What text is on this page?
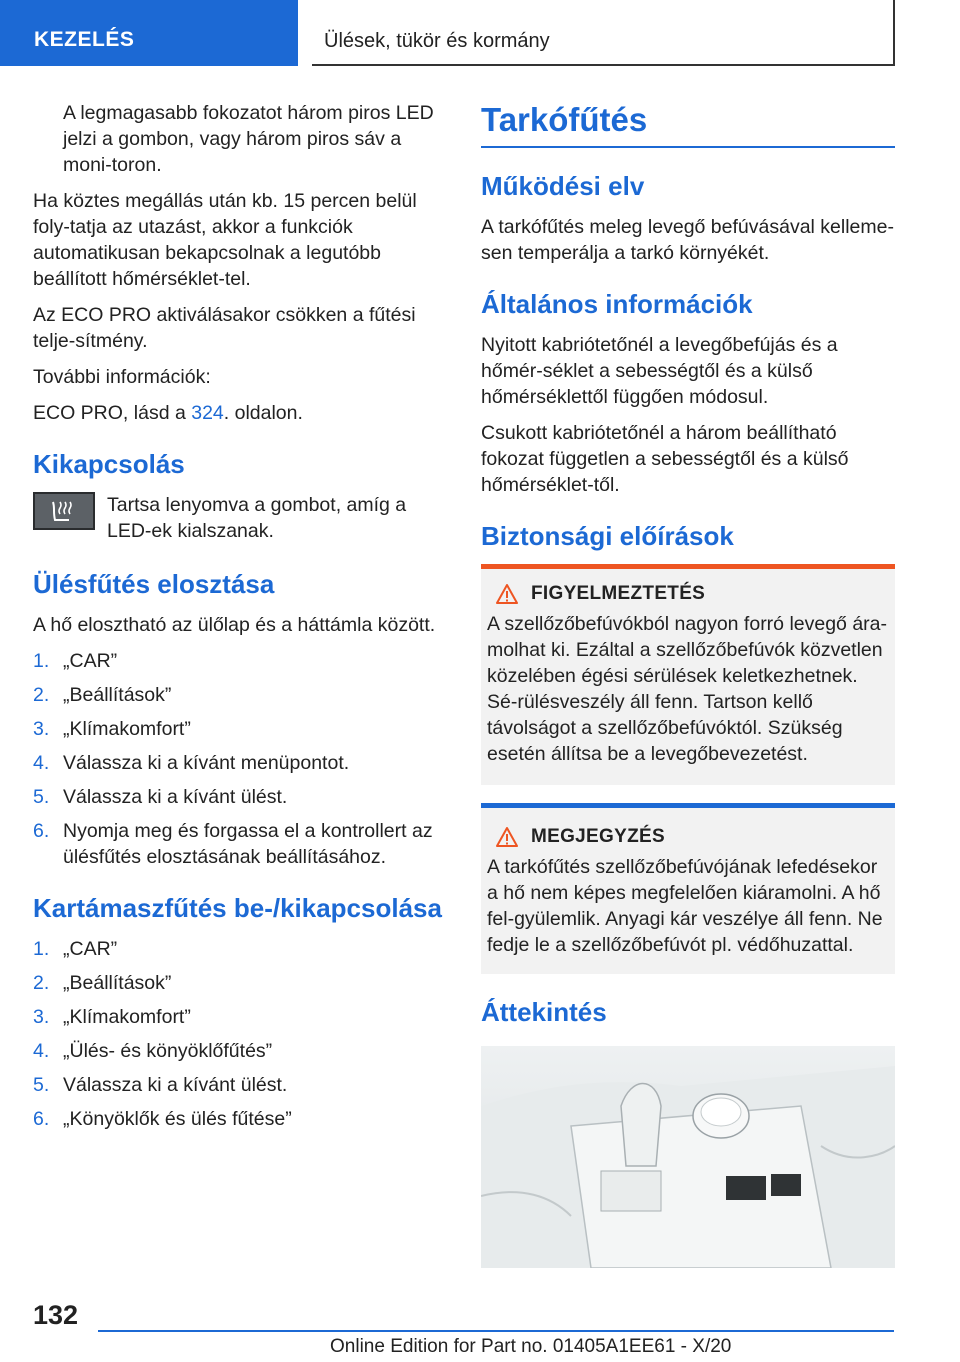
KEZELÉS	Ülések, tükör és kormány

A legmagasabb fokozatot három piros LED jelzi a gombon, vagy három piros sáv a moni-toron.

Ha köztes megállás után kb. 15 percen belül foly-tatja az utazást, akkor a funkciók automatikusan bekapcsolnak a legutóbb beállított hőmérséklet-tel.

Az ECO PRO aktiválásakor csökken a fűtési telje-sítmény.

További információk:

ECO PRO, lásd a 324. oldalon.

Kikapcsolás

Tartsa lenyomva a gombot, amíg a LED-ek kialszanak.

Ülésfűtés elosztása

A hő elosztható az ülőlap és a háttámla között.

1. „CAR”
2. „Beállítások”
3. „Klímakomfort”
4. Válassza ki a kívánt menüpontot.
5. Válassza ki a kívánt ülést.
6. Nyomja meg és forgassa el a kontrollert az ülésfűtés elosztásának beállításához.
Kartámaszfűtés be-/kikapcsolása
1. „CAR”
2. „Beállítások”
3. „Klímakomfort”
4. „Ülés- és könyöklőfűtés”
5. Válassza ki a kívánt ülést.
6. „Könyöklők és ülés fűtése”
Tarkófűtés
Működési elv

A tarkófűtés meleg levegő befúvásával kelleme-sen temperálja a tarkó környékét.

Általános információk

Nyitott kabriótetőnél a levegőbefújás és a hőmér-séklet a sebességtől és a külső hőmérséklettől függően módosul.

Csukott kabriótetőnél a három beállítható fokozat független a sebességtől és a külső hőmérséklet-től.

Biztonsági előírások
FIGYELMEZTETÉS

A szellőzőbefúvókból nagyon forró levegő ára-molhat ki. Ezáltal a szellőzőbefúvók közvetlen közelében égési sérülések keletkezhetnek. Sé-rülésveszély áll fenn. Tartson kellő távolságot a szellőzőbefúvóktól. Szükség esetén állítsa be a levegőbevezetést.

MEGJEGYZÉS

A tarkófűtés szellőzőbefúvójának lefedésekor a hő nem képes megfelelően kiáramolni. A hő fel-gyülemlik. Anyagi kár veszélye áll fenn. Ne fedje le a szellőzőbefúvót pl. védőhuzattal.

Áttekintés
132
Online Edition for Part no. 01405A1EE61 - X/20
